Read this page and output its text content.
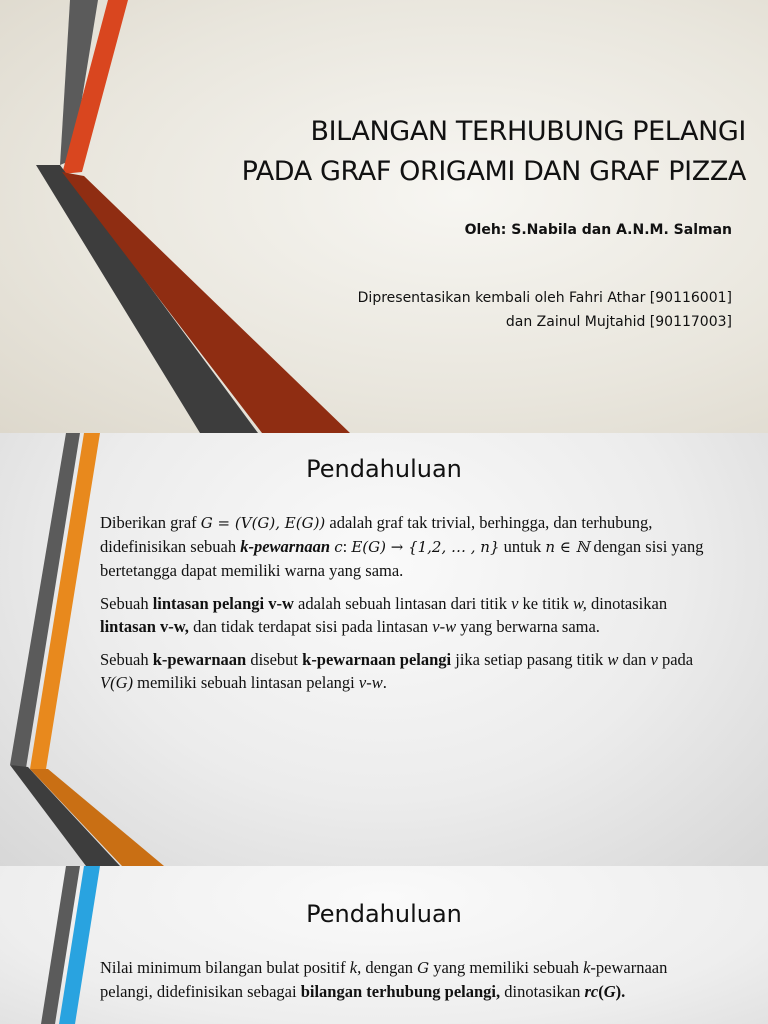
BILANGAN TERHUBUNG PELANGI
PADA GRAF ORIGAMI DAN GRAF PIZZA
Oleh: S.Nabila dan A.N.M. Salman
Dipresentasikan kembali oleh Fahri Athar [90116001]
dan Zainul Mujtahid [90117003]
Pendahuluan

Diberikan graf G = (V(G), E(G)) adalah graf tak trivial, berhingga, dan terhubung, didefinisikan sebuah k-pewarnaan c: E(G) → {1,2, … , n} untuk n ∈ ℕ dengan sisi yang bertetangga dapat memiliki warna yang sama.

Sebuah lintasan pelangi v-w adalah sebuah lintasan dari titik v ke titik w, dinotasikan lintasan v-w, dan tidak terdapat sisi pada lintasan v-w yang berwarna sama.

Sebuah k-pewarnaan disebut k-pewarnaan pelangi jika setiap pasang titik w dan v pada V(G) memiliki sebuah lintasan pelangi v-w.

Pendahuluan

Nilai minimum bilangan bulat positif k, dengan G yang memiliki sebuah k-pewarnaan pelangi, didefinisikan sebagai bilangan terhubung pelangi, dinotasikan rc(G).
